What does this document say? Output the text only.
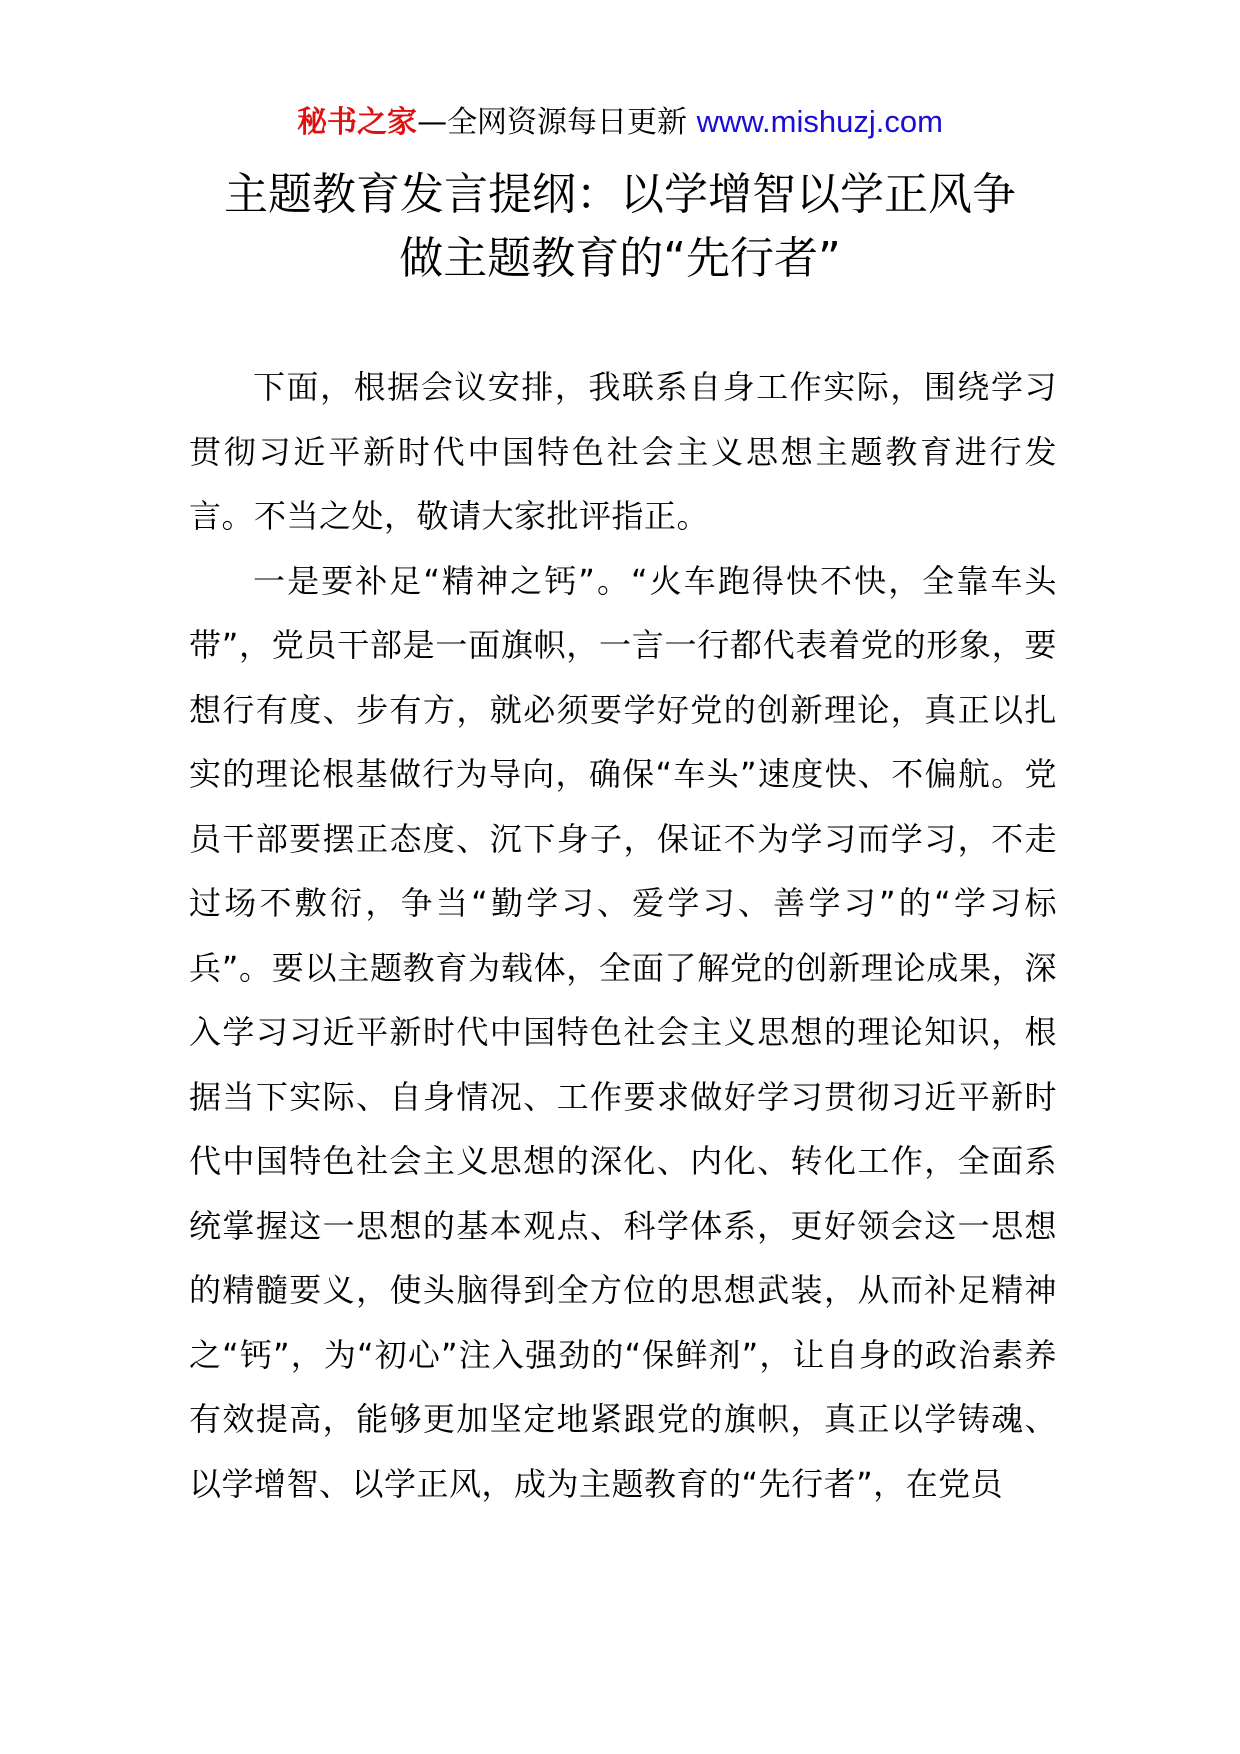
秘书之家—全网资源每日更新 www.mishuzj.com
主题教育发言提纲：以学增智以学正风争
做主题教育的“先行者”

下面，根据会议安排，我联系自身工作实际，围绕学习贯彻习近平新时代中国特色社会主义思想主题教育进行发言。不当之处，敬请大家批评指正。

一是要补足“精神之钙”。“火车跑得快不快，全靠车头带”，党员干部是一面旗帜，一言一行都代表着党的形象，要想行有度、步有方，就必须要学好党的创新理论，真正以扎实的理论根基做行为导向，确保“车头”速度快、不偏航。党员干部要摆正态度、沉下身子，保证不为学习而学习，不走过场不敷衍，争当“勤学习、爱学习、善学习”的“学习标兵”。要以主题教育为载体，全面了解党的创新理论成果，深入学习习近平新时代中国特色社会主义思想的理论知识，根据当下实际、自身情况、工作要求做好学习贯彻习近平新时代中国特色社会主义思想的深化、内化、转化工作，全面系统掌握这一思想的基本观点、科学体系，更好领会这一思想的精髓要义，使头脑得到全方位的思想武装，从而补足精神之“钙”，为“初心”注入强劲的“保鲜剂”，让自身的政治素养有效提高，能够更加坚定地紧跟党的旗帜，真正以学铸魂、以学增智、以学正风，成为主题教育的“先行者”，在党员
